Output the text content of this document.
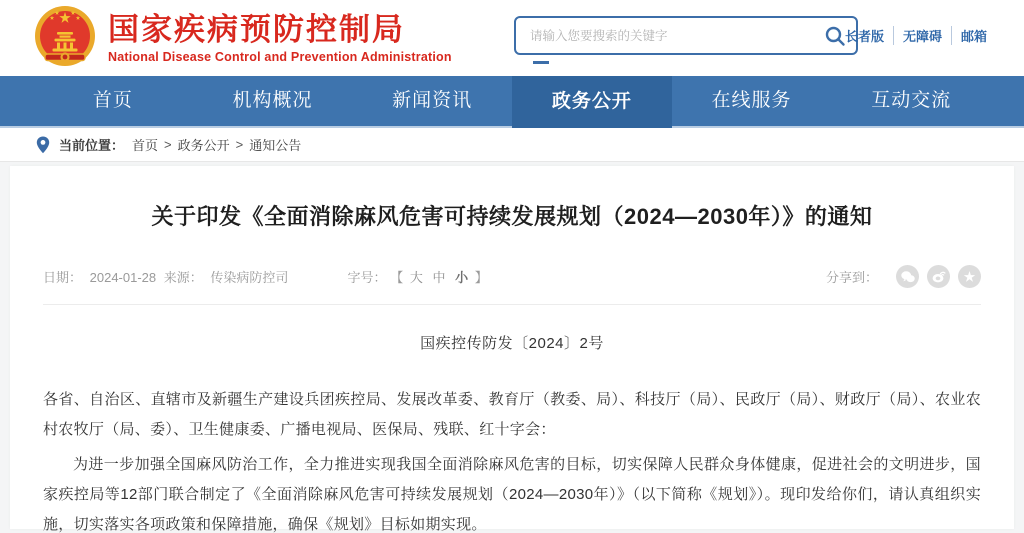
国家疾病预防控制局
National Disease Control and Prevention Administration
请输入您要搜索的关键字
长者版	无障碍	邮箱
首页	机构概况	新闻资讯	政务公开	在线服务	互动交流
当前位置： 首页 > 政务公开 > 通知公告
关于印发《全面消除麻风危害可持续发展规划（2024—2030年）》的通知
日期： 2024-01-28 来源： 传染病防控司	字号： 【 大 中 小 】	分享到：
国疾控传防发〔2024〕2号

各省、自治区、直辖市及新疆生产建设兵团疾控局、发展改革委、教育厅（教委、局）、科技厅（局）、民政厅（局）、财政厅（局）、农业农村农牧厅（局、委）、卫生健康委、广播电视局、医保局、残联、红十字会：

为进一步加强全国麻风防治工作，全力推进实现我国全面消除麻风危害的目标，切实保障人民群众身体健康，促进社会的文明进步，国家疾控局等12部门联合制定了《全面消除麻风危害可持续发展规划（2024—2030年）》（以下简称《规划》）。现印发给你们，请认真组织实施，切实落实各项政策和保障措施，确保《规划》目标如期实现。
